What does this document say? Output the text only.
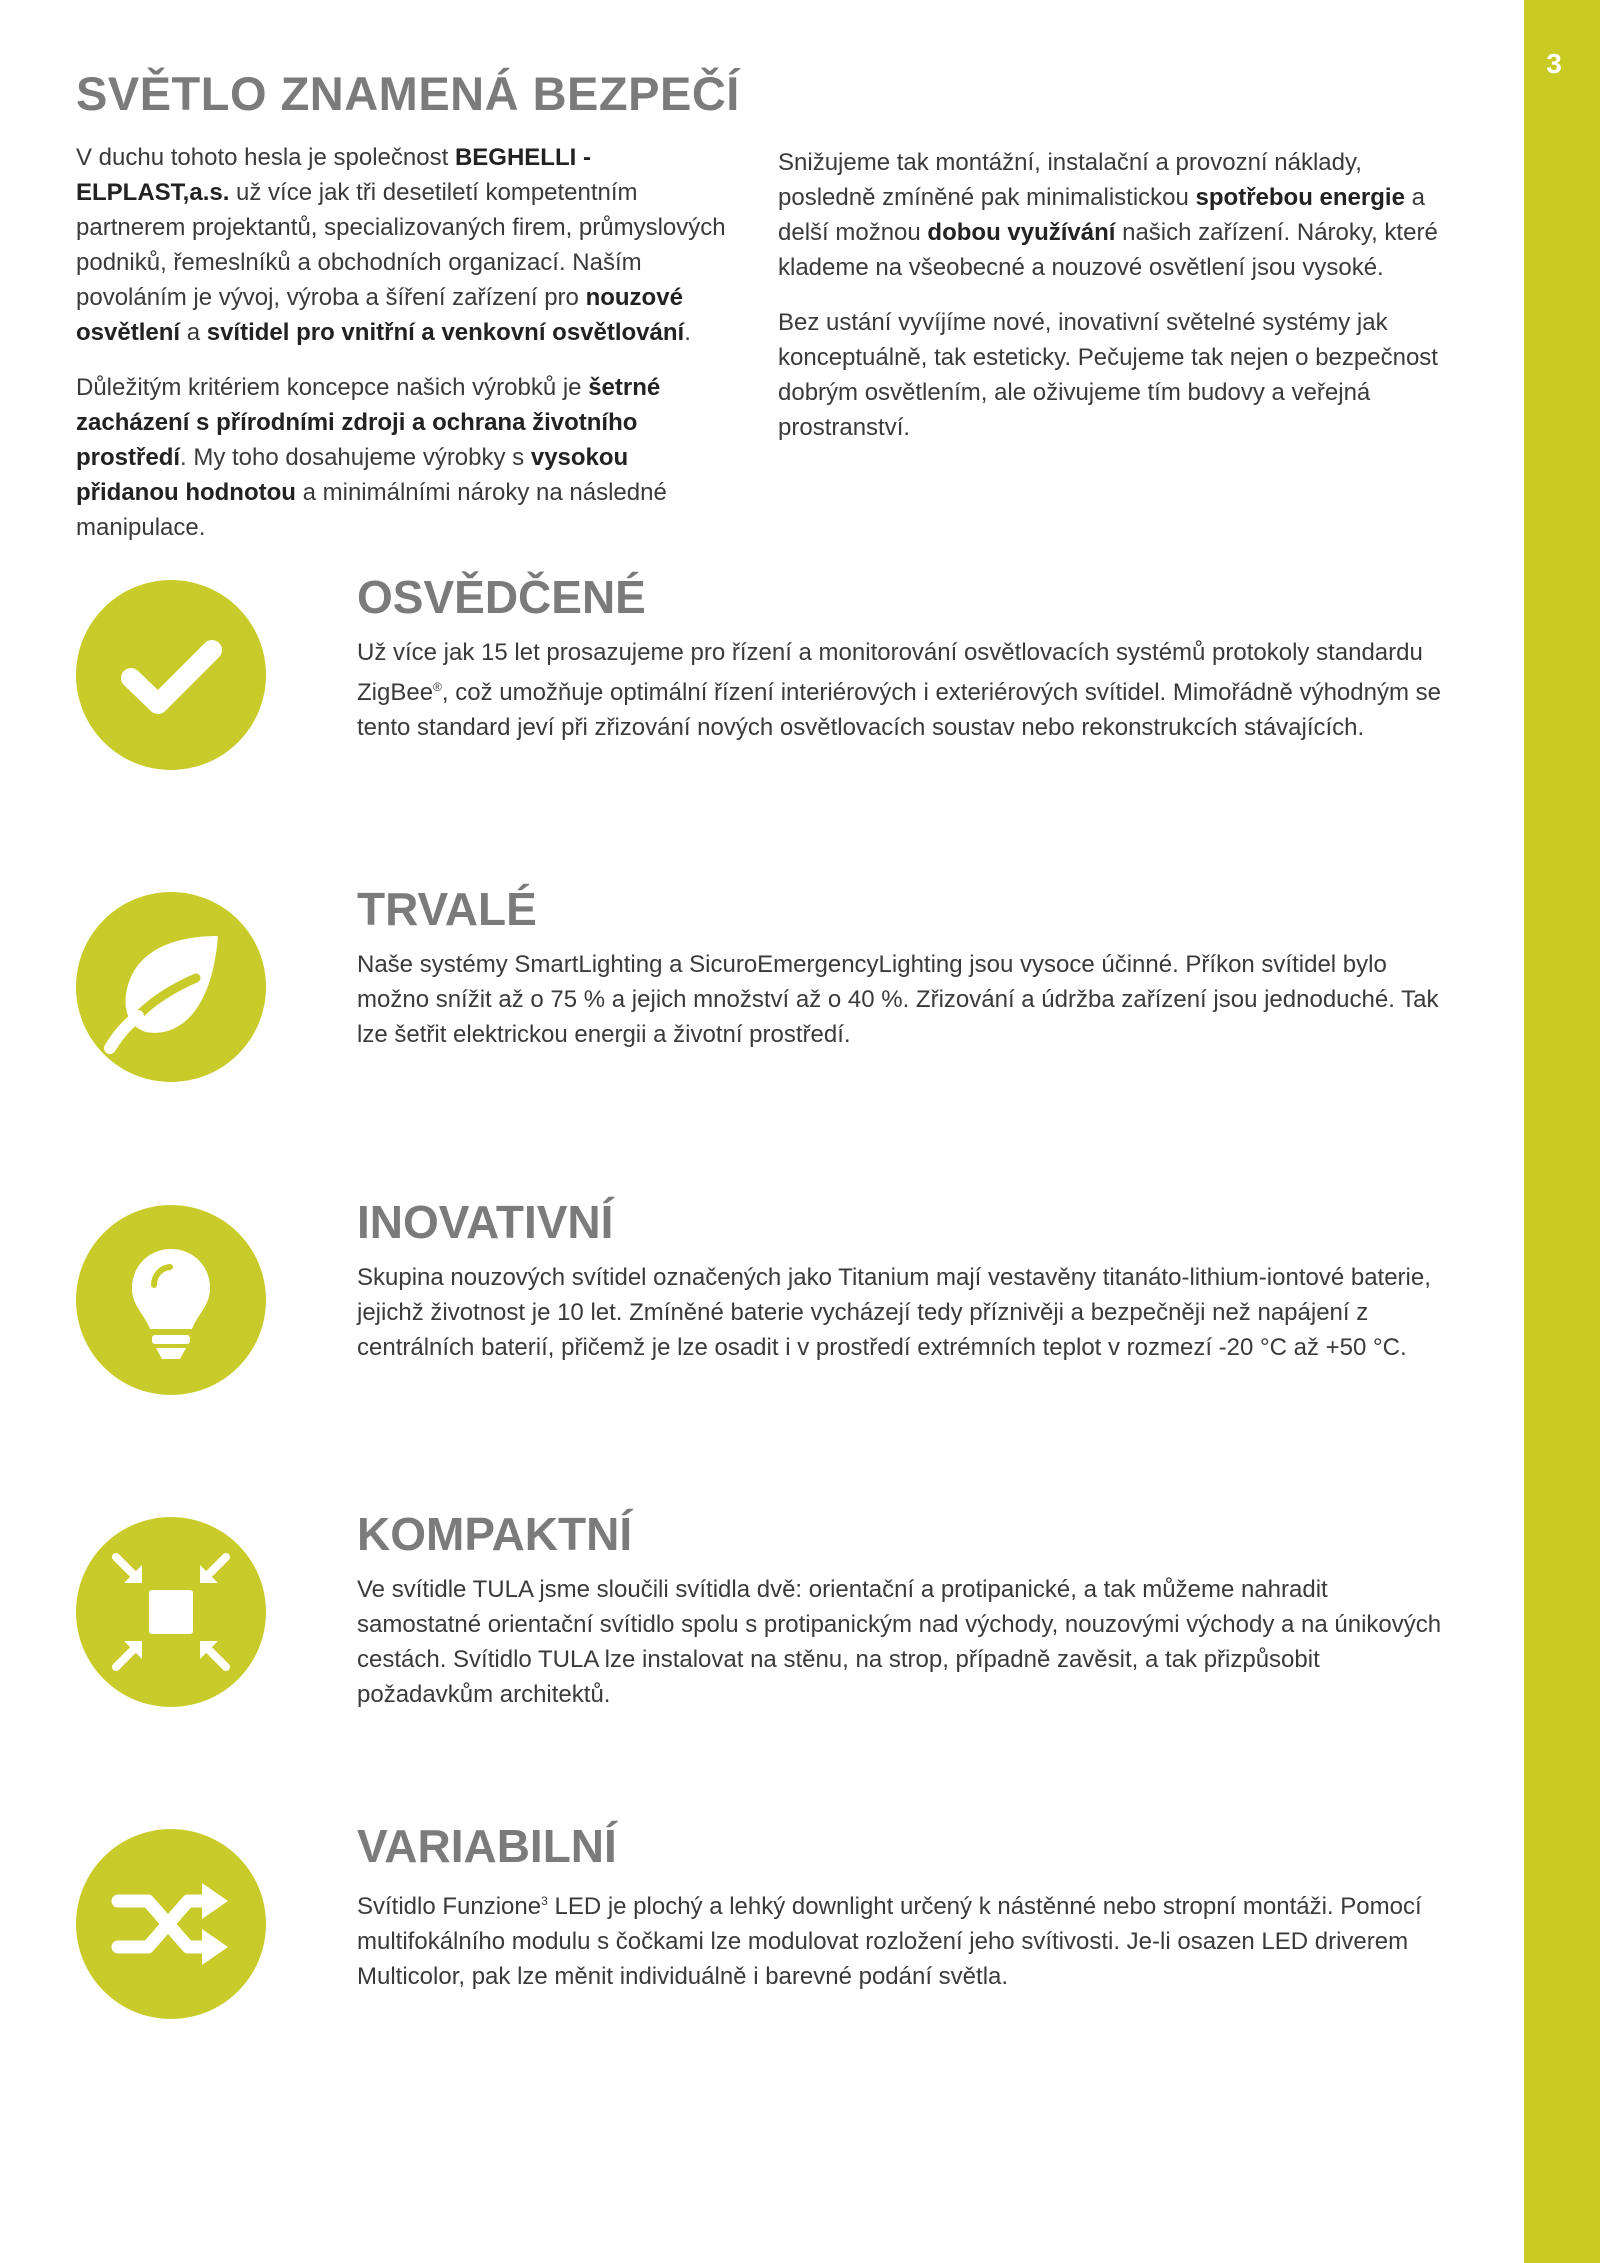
3
SVĚTLO ZNAMENÁ BEZPEČÍ

V duchu tohoto hesla je společnost BEGHELLI - ELPLAST,a.s. už více jak tři desetiletí kompetentním partnerem projektantů, specializovaných firem, průmyslových podniků, řemeslníků a obchodních organizací. Naším povoláním je vývoj, výroba a šíření zařízení pro nouzové osvětlení a svítidel pro vnitřní a venkovní osvětlování.

Důležitým kritériem koncepce našich výrobků je šetrné zacházení s přírodními zdroji a ochrana životního prostředí. My toho dosahujeme výrobky s vysokou přidanou hodnotou a minimálními nároky na následné manipulace.

Snižujeme tak montážní, instalační a provozní náklady, posledně zmíněné pak minimalistickou spotřebou energie a delší možnou dobou využívání našich zařízení. Nároky, které klademe na všeobecné a nouzové osvětlení jsou vysoké.

Bez ustání vyvíjíme nové, inovativní světelné systémy jak konceptuálně, tak esteticky. Pečujeme tak nejen o bezpečnost dobrým osvětlením, ale oživujeme tím budovy a veřejná prostranství.

OSVĚDČENÉ

Už více jak 15 let prosazujeme pro řízení a monitorování osvětlovacích systémů protokoly standardu ZigBee®, což umožňuje optimální řízení interiérových i exteriérových svítidel. Mimořádně výhodným se tento standard jeví při zřizování nových osvětlovacích soustav nebo rekonstrukcích stávajících.

TRVALÉ

Naše systémy SmartLighting a SicuroEmergencyLighting jsou vysoce účinné. Příkon svítidel bylo možno snížit až o 75 % a jejich množství až o 40 %. Zřizování a údržba zařízení jsou jednoduché. Tak lze šetřit elektrickou energii a životní prostředí.

INOVATIVNÍ

Skupina nouzových svítidel označených jako Titanium mají vestavěny titanáto-lithium-iontové baterie, jejichž životnost je 10 let. Zmíněné baterie vycházejí tedy příznivěji a bezpečněji než napájení z centrálních baterií, přičemž je lze osadit i v prostředí extrémních teplot v rozmezí -20 °C až +50 °C.

KOMPAKTNÍ

Ve svítidle TULA jsme sloučili svítidla dvě: orientační a protipanické, a tak můžeme nahradit samostatné orientační svítidlo spolu s protipanickým nad východy, nouzovými východy a na únikových cestách. Svítidlo TULA lze instalovat na stěnu, na strop, případně zavěsit, a tak přizpůsobit požadavkům architektů.

VARIABILNÍ

Svítidlo Funzione$^3$ LED je plochý a lehký downlight určený k nástěnné nebo stropní montáži. Pomocí multifokálního modulu s čočkami lze modulovat rozložení jeho svítivosti. Je-li osazen LED driverem Multicolor, pak lze měnit individuálně i barevné podání světla.
